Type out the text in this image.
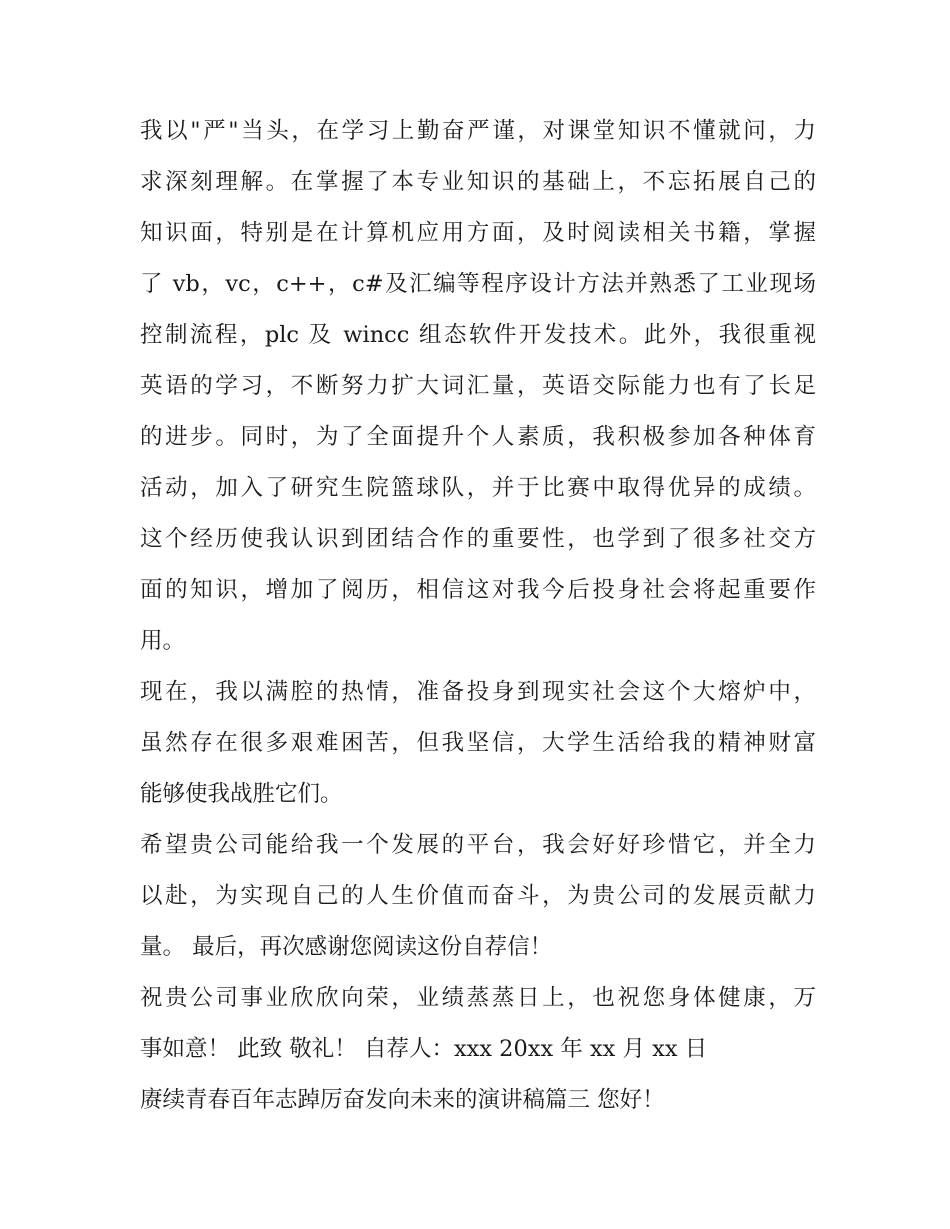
我以"严"当头，在学习上勤奋严谨，对课堂知识不懂就问，力
求深刻理解。在掌握了本专业知识的基础上，不忘拓展自己的
知识面，特别是在计算机应用方面，及时阅读相关书籍，掌握
了 vb，vc，c++，c#及汇编等程序设计方法并熟悉了工业现场
控制流程，plc 及 wincc 组态软件开发技术。此外，我很重视
英语的学习，不断努力扩大词汇量，英语交际能力也有了长足
的进步。同时，为了全面提升个人素质，我积极参加各种体育
活动，加入了研究生院篮球队，并于比赛中取得优异的成绩。
这个经历使我认识到团结合作的重要性，也学到了很多社交方
面的知识，增加了阅历，相信这对我今后投身社会将起重要作
用。
现在，我以满腔的热情，准备投身到现实社会这个大熔炉中，
虽然存在很多艰难困苦，但我坚信，大学生活给我的精神财富
能够使我战胜它们。
希望贵公司能给我一个发展的平台，我会好好珍惜它，并全力
以赴，为实现自己的人生价值而奋斗，为贵公司的发展贡献力
量。 最后，再次感谢您阅读这份自荐信！
祝贵公司事业欣欣向荣，业绩蒸蒸日上，也祝您身体健康，万
事如意！ 此致 敬礼！ 自荐人：xxx 20xx 年 xx 月 xx 日
赓续青春百年志踔厉奋发向未来的演讲稿篇三 您好！
